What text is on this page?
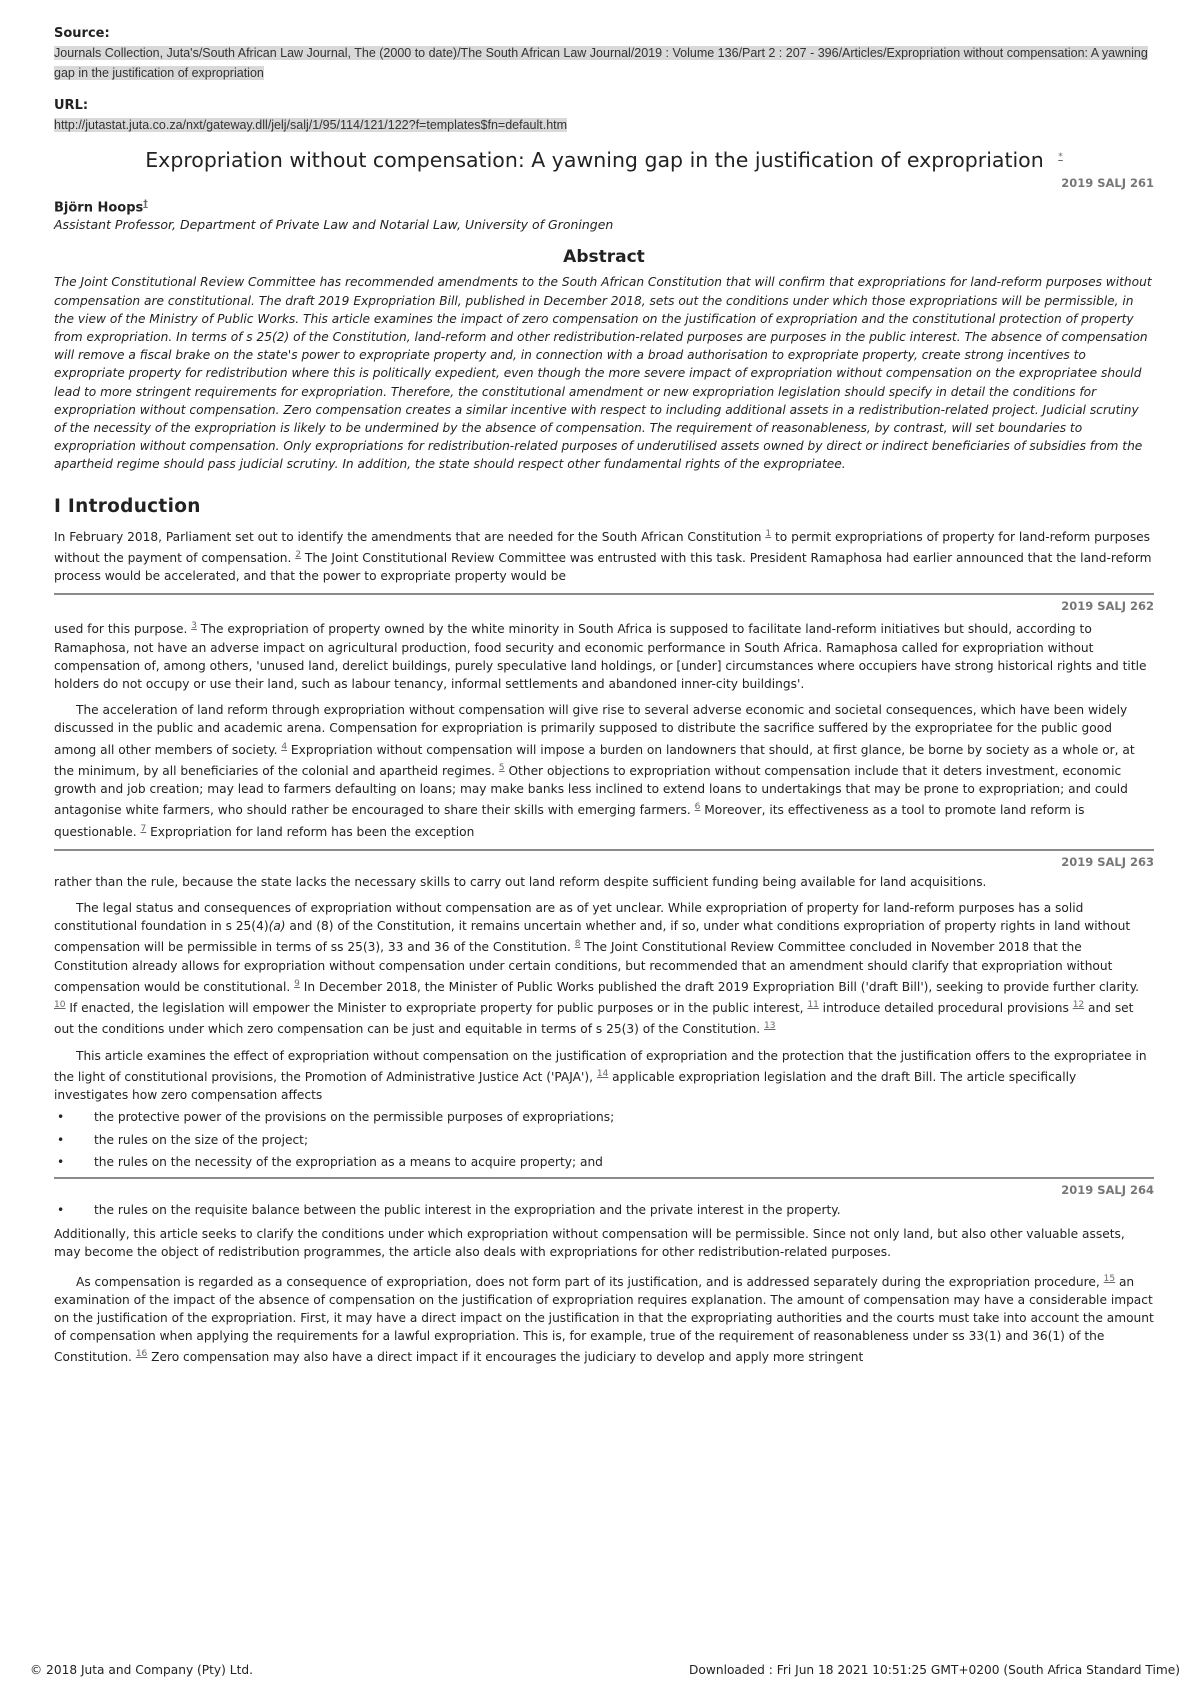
Source:
Journals Collection, Juta's/South African Law Journal, The (2000 to date)/The South African Law Journal/2019 : Volume 136/Part 2 : 207 - 396/Articles/Expropriation without compensation: A yawning gap in the justification of expropriation
URL:
http://jutastat.juta.co.za/nxt/gateway.dll/jelj/salj/1/95/114/121/122?f=templates$fn=default.htm
Expropriation without compensation: A yawning gap in the justification of expropriation *
2019 SALJ 261
Björn Hoops†
Assistant Professor, Department of Private Law and Notarial Law, University of Groningen
Abstract

The Joint Constitutional Review Committee has recommended amendments to the South African Constitution that will confirm that expropriations for land-reform purposes without compensation are constitutional. The draft 2019 Expropriation Bill, published in December 2018, sets out the conditions under which those expropriations will be permissible, in the view of the Ministry of Public Works. This article examines the impact of zero compensation on the justification of expropriation and the constitutional protection of property from expropriation. In terms of s 25(2) of the Constitution, land-reform and other redistribution-related purposes are purposes in the public interest. The absence of compensation will remove a fiscal brake on the state's power to expropriate property and, in connection with a broad authorisation to expropriate property, create strong incentives to expropriate property for redistribution where this is politically expedient, even though the more severe impact of expropriation without compensation on the expropriatee should lead to more stringent requirements for expropriation. Therefore, the constitutional amendment or new expropriation legislation should specify in detail the conditions for expropriation without compensation. Zero compensation creates a similar incentive with respect to including additional assets in a redistribution-related project. Judicial scrutiny of the necessity of the expropriation is likely to be undermined by the absence of compensation. The requirement of reasonableness, by contrast, will set boundaries to expropriation without compensation. Only expropriations for redistribution-related purposes of underutilised assets owned by direct or indirect beneficiaries of subsidies from the apartheid regime should pass judicial scrutiny. In addition, the state should respect other fundamental rights of the expropriatee.

I Introduction

In February 2018, Parliament set out to identify the amendments that are needed for the South African Constitution $^1$ to permit expropriations of property for land-reform purposes without the payment of compensation. $^2$ The Joint Constitutional Review Committee was entrusted with this task. President Ramaphosa had earlier announced that the land-reform process would be accelerated, and that the power to expropriate property would be

2019 SALJ 262

used for this purpose. $^3$ The expropriation of property owned by the white minority in South Africa is supposed to facilitate land-reform initiatives but should, according to Ramaphosa, not have an adverse impact on agricultural production, food security and economic performance in South Africa. Ramaphosa called for expropriation without compensation of, among others, 'unused land, derelict buildings, purely speculative land holdings, or [under] circumstances where occupiers have strong historical rights and title holders do not occupy or use their land, such as labour tenancy, informal settlements and abandoned inner-city buildings'.

The acceleration of land reform through expropriation without compensation will give rise to several adverse economic and societal consequences, which have been widely discussed in the public and academic arena. Compensation for expropriation is primarily supposed to distribute the sacrifice suffered by the expropriatee for the public good among all other members of society. $^4$ Expropriation without compensation will impose a burden on landowners that should, at first glance, be borne by society as a whole or, at the minimum, by all beneficiaries of the colonial and apartheid regimes. $^5$ Other objections to expropriation without compensation include that it deters investment, economic growth and job creation; may lead to farmers defaulting on loans; may make banks less inclined to extend loans to undertakings that may be prone to expropriation; and could antagonise white farmers, who should rather be encouraged to share their skills with emerging farmers. $^6$ Moreover, its effectiveness as a tool to promote land reform is questionable. $^7$ Expropriation for land reform has been the exception

2019 SALJ 263

rather than the rule, because the state lacks the necessary skills to carry out land reform despite sufficient funding being available for land acquisitions.

The legal status and consequences of expropriation without compensation are as of yet unclear. While expropriation of property for land-reform purposes has a solid constitutional foundation in s 25(4)(a) and (8) of the Constitution, it remains uncertain whether and, if so, under what conditions expropriation of property rights in land without compensation will be permissible in terms of ss 25(3), 33 and 36 of the Constitution. $^8$ The Joint Constitutional Review Committee concluded in November 2018 that the Constitution already allows for expropriation without compensation under certain conditions, but recommended that an amendment should clarify that expropriation without compensation would be constitutional. $^9$ In December 2018, the Minister of Public Works published the draft 2019 Expropriation Bill ('draft Bill'), seeking to provide further clarity. $^{10}$ If enacted, the legislation will empower the Minister to expropriate property for public purposes or in the public interest, $^{11}$ introduce detailed procedural provisions $^{12}$ and set out the conditions under which zero compensation can be just and equitable in terms of s 25(3) of the Constitution. $^{13}$

This article examines the effect of expropriation without compensation on the justification of expropriation and the protection that the justification offers to the expropriatee in the light of constitutional provisions, the Promotion of Administrative Justice Act ('PAJA'), $^{14}$ applicable expropriation legislation and the draft Bill. The article specifically investigates how zero compensation affects

• the protective power of the provisions on the permissible purposes of expropriations;
• the rules on the size of the project;
• the rules on the necessity of the expropriation as a means to acquire property; and
2019 SALJ 264
• the rules on the requisite balance between the public interest in the expropriation and the private interest in the property.

Additionally, this article seeks to clarify the conditions under which expropriation without compensation will be permissible. Since not only land, but also other valuable assets, may become the object of redistribution programmes, the article also deals with expropriations for other redistribution-related purposes.

As compensation is regarded as a consequence of expropriation, does not form part of its justification, and is addressed separately during the expropriation procedure, $^{15}$ an examination of the impact of the absence of compensation on the justification of expropriation requires explanation. The amount of compensation may have a considerable impact on the justification of the expropriation. First, it may have a direct impact on the justification in that the expropriating authorities and the courts must take into account the amount of compensation when applying the requirements for a lawful expropriation. This is, for example, true of the requirement of reasonableness under ss 33(1) and 36(1) of the Constitution. $^{16}$ Zero compensation may also have a direct impact if it encourages the judiciary to develop and apply more stringent

© 2018 Juta and Company (Pty) Ltd.	Downloaded : Fri Jun 18 2021 10:51:25 GMT+0200 (South Africa Standard Time)
